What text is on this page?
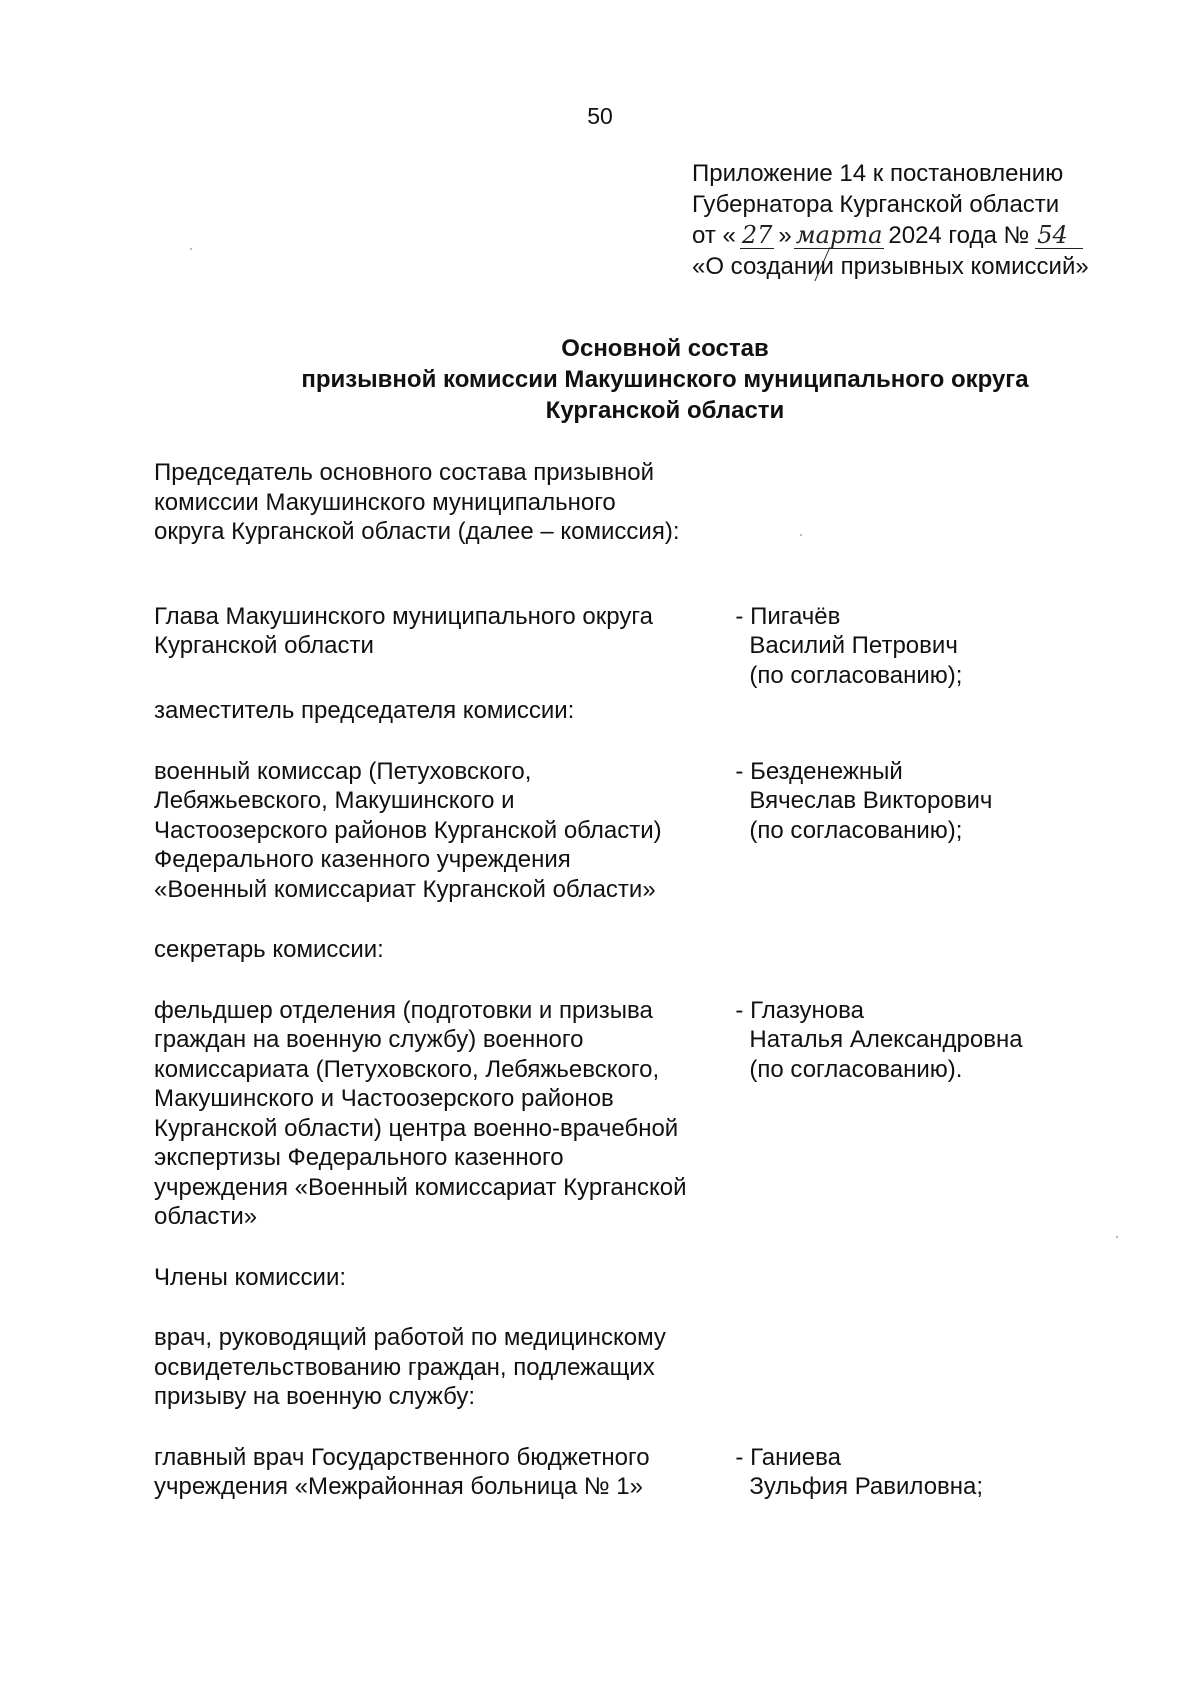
50
Приложение 14 к постановлению
Губернатора Курганской области
от « 27 » марта 2024 года № 54
«О создании призывных комиссий»
Основной состав
призывной комиссии Макушинского муниципального округа
Курганской области
Председатель основного состава призывной
комиссии Макушинского муниципального
округа Курганской области (далее – комиссия):
Глава Макушинского муниципального округа
Курганской области
- Пигачёв
Василий Петрович
(по согласованию);
заместитель председателя комиссии:
военный комиссар (Петуховского,
Лебяжьевского, Макушинского и
Частоозерского районов Курганской области)
Федерального казенного учреждения
«Военный комиссариат Курганской области»
- Безденежный
Вячеслав Викторович
(по согласованию);
секретарь комиссии:
фельдшер отделения (подготовки и призыва
граждан на военную службу) военного
комиссариата (Петуховского, Лебяжьевского,
Макушинского и Частоозерского районов
Курганской области) центра военно-врачебной
экспертизы Федерального казенного
учреждения «Военный комиссариат Курганской
области»
- Глазунова
Наталья Александровна
(по согласованию).
Члены комиссии:
врач, руководящий работой по медицинскому
освидетельствованию граждан, подлежащих
призыву на военную службу:
главный врач Государственного бюджетного
учреждения «Межрайонная больница № 1»
- Ганиева
Зульфия Равиловна;
